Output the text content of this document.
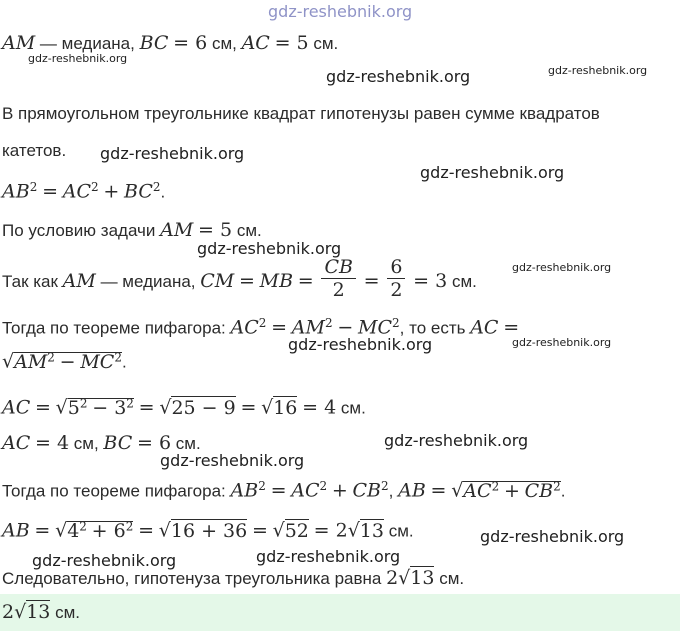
AM — медиана, BC = 6 см, AC = 5 см.
В прямоугольном треугольнике квадрат гипотенузы равен сумме квадратов
катетов.
$AB^2 = AC^2 + BC^2$.
По условию задачи AM = 5 см.
Так как AM — медиана, CM = MB = $\frac{CB}{2} = \frac{6}{2} = 3$ см.
Тогда по теореме пифагора: $AC^2 = AM^2 - MC^2$, то есть AC =
$√AM^2 - MC^2$.
AC = $√5^2 - 3^2 = √25 - 9 = √16 = 4$ см.
AC = 4 см, BC = 6 см.
Тогда по теореме пифагора: $AB^2 = AC^2 + CB^2$, AB = $√AC^2 + CB^2$.
AB = $√4^2 + 6^2 = √16 + 36 = √52 = 2√13$ см.
Следовательно, гипотенуза треугольника равна 2√13 см.
2√13 см.
gdz-reshebnik.org
gdz-reshebnik.org
gdz-reshebnik.org	gdz-reshebnik.org
gdz-reshebnik.org
gdz-reshebnik.org
gdz-reshebnik.org
gdz-reshebnik.org
gdz-reshebnik.org	gdz-reshebnik.org
gdz-reshebnik.org
gdz-reshebnik.org
gdz-reshebnik.org
gdz-reshebnik.org
gdz-reshebnik.org
